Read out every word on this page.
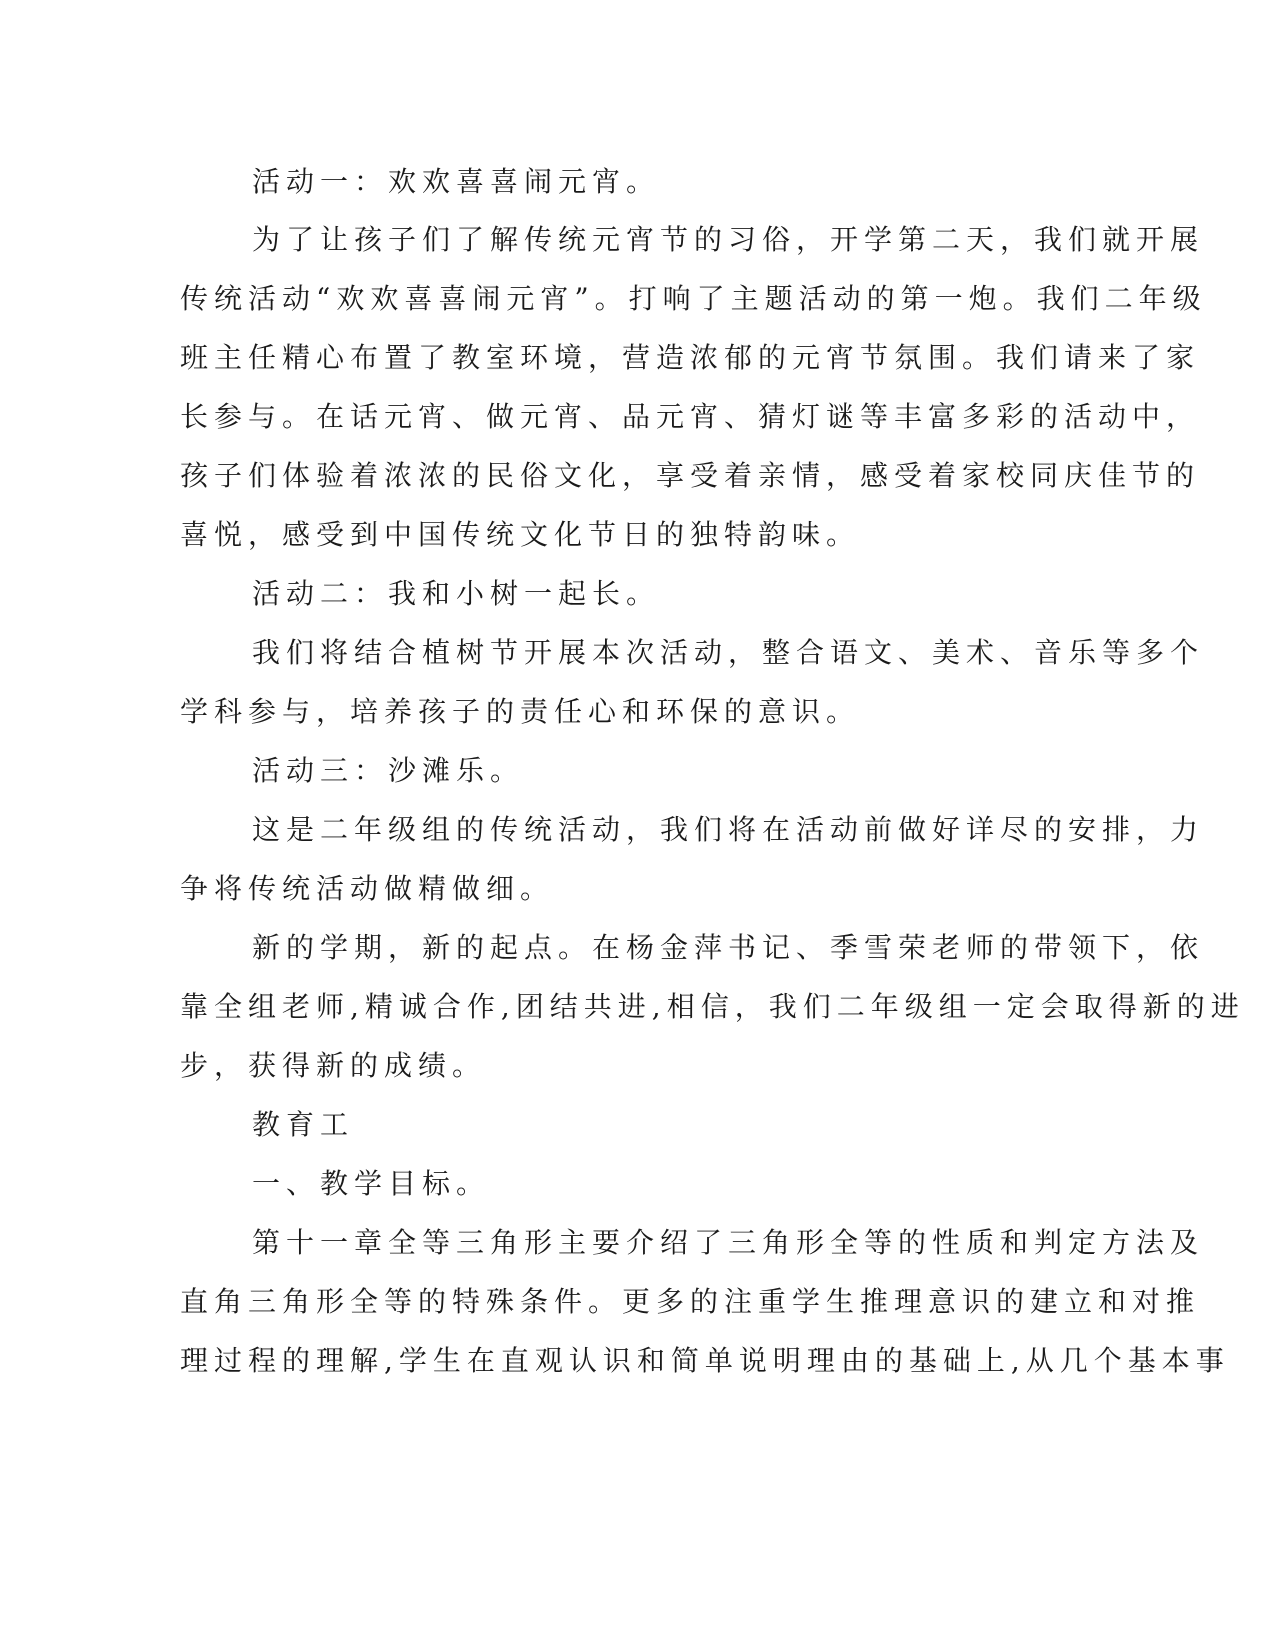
活动一：欢欢喜喜闹元宵。
为了让孩子们了解传统元宵节的习俗，开学第二天，我们就开展
传统活动“欢欢喜喜闹元宵”。打响了主题活动的第一炮。我们二年级
班主任精心布置了教室环境，营造浓郁的元宵节氛围。我们请来了家
长参与。在话元宵、做元宵、品元宵、猜灯谜等丰富多彩的活动中，
孩子们体验着浓浓的民俗文化，享受着亲情，感受着家校同庆佳节的
喜悦，感受到中国传统文化节日的独特韵味。
活动二：我和小树一起长。
我们将结合植树节开展本次活动，整合语文、美术、音乐等多个
学科参与，培养孩子的责任心和环保的意识。
活动三：沙滩乐。
这是二年级组的传统活动，我们将在活动前做好详尽的安排，力
争将传统活动做精做细。
新的学期，新的起点。在杨金萍书记、季雪荣老师的带领下，依
靠全组老师,精诚合作,团结共进,相信，我们二年级组一定会取得新的进
步，获得新的成绩。
教育工
一、教学目标。
第十一章全等三角形主要介绍了三角形全等的性质和判定方法及
直角三角形全等的特殊条件。更多的注重学生推理意识的建立和对推
理过程的理解,学生在直观认识和简单说明理由的基础上,从几个基本事
